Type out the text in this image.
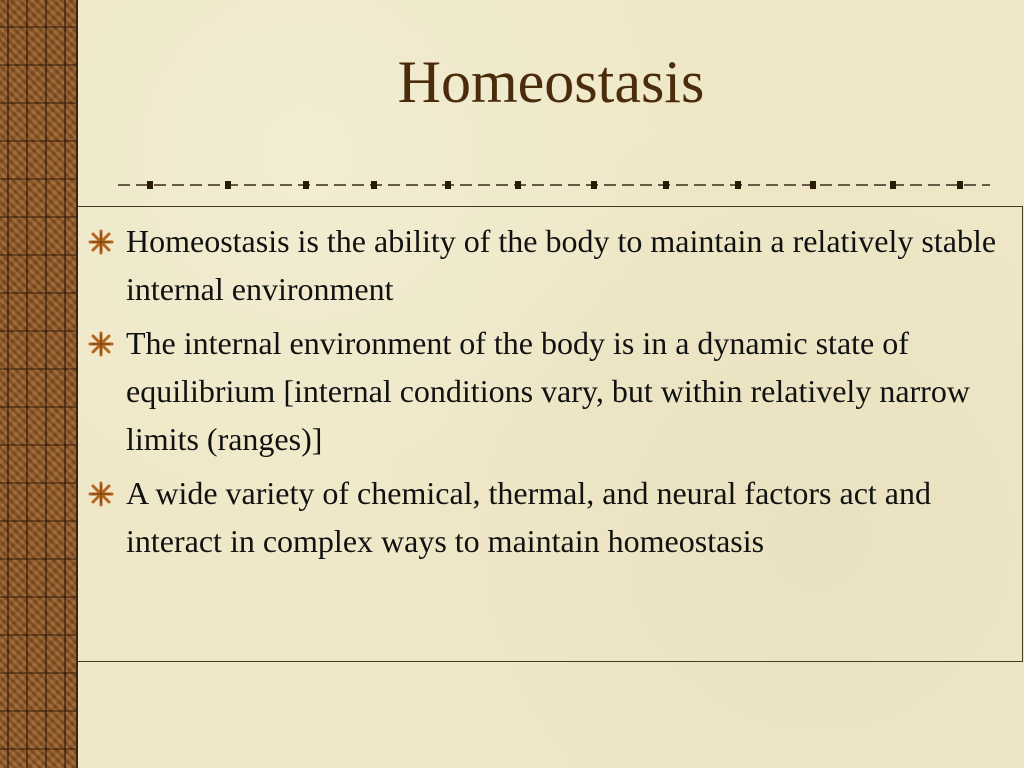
Homeostasis
Homeostasis is the ability of the body to maintain a relatively stable internal environment
The internal environment of the body is in a dynamic state of equilibrium [internal conditions vary, but within relatively narrow limits (ranges)]
A wide variety of chemical, thermal, and neural factors act and interact in complex ways to maintain homeostasis
